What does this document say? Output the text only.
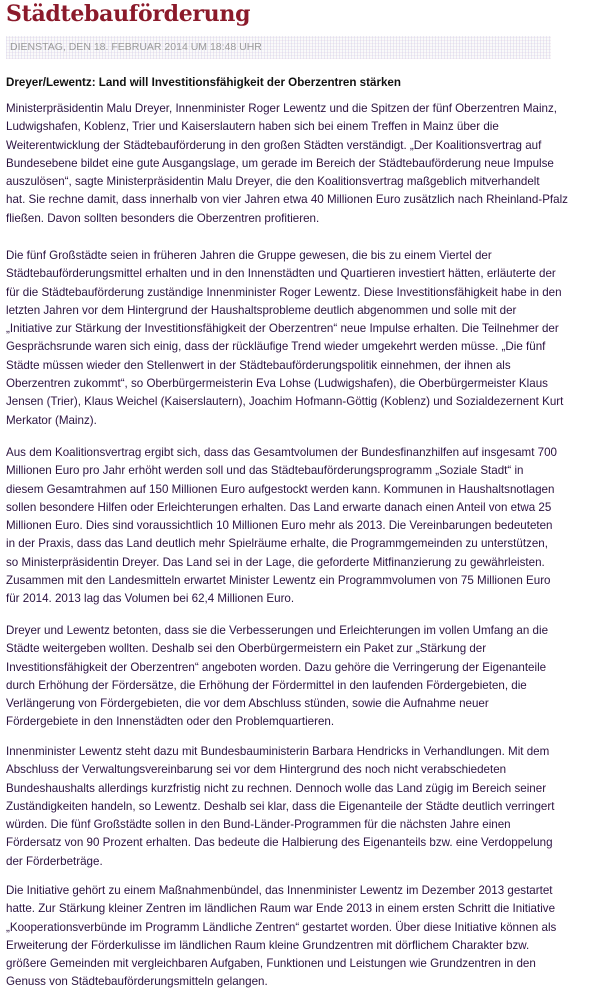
Städtebauförderung
DIENSTAG, DEN 18. FEBRUAR 2014 UM 18:48 UHR
Dreyer/Lewentz: Land will Investitionsfähigkeit der Oberzentren stärken
Ministerpräsidentin Malu Dreyer, Innenminister Roger Lewentz und die Spitzen der fünf Oberzentren Mainz,
Ludwigshafen, Koblenz, Trier und Kaiserslautern haben sich bei einem Treffen in Mainz über die
Weiterentwicklung der Städtebauförderung in den großen Städten verständigt. „Der Koalitionsvertrag auf
Bundesebene bildet eine gute Ausgangslage, um gerade im Bereich der Städtebauförderung neue Impulse
auszulösen“, sagte Ministerpräsidentin Malu Dreyer, die den Koalitionsvertrag maßgeblich mitverhandelt
hat. Sie rechne damit, dass innerhalb von vier Jahren etwa 40 Millionen Euro zusätzlich nach Rheinland-Pfalz
fließen. Davon sollten besonders die Oberzentren profitieren.
Die fünf Großstädte seien in früheren Jahren die Gruppe gewesen, die bis zu einem Viertel der
Städtebauförderungsmittel erhalten und in den Innenstädten und Quartieren investiert hätten, erläuterte der
für die Städtebauförderung zuständige Innenminister Roger Lewentz. Diese Investitionsfähigkeit habe in den
letzten Jahren vor dem Hintergrund der Haushaltsprobleme deutlich abgenommen und solle mit der
„Initiative zur Stärkung der Investitionsfähigkeit der Oberzentren“ neue Impulse erhalten. Die Teilnehmer der
Gesprächsrunde waren sich einig, dass der rückläufige Trend wieder umgekehrt werden müsse. „Die fünf
Städte müssen wieder den Stellenwert in der Städtebauförderungspolitik einnehmen, der ihnen als
Oberzentren zukommt“, so Oberbürgermeisterin Eva Lohse (Ludwigshafen), die Oberbürgermeister Klaus
Jensen (Trier), Klaus Weichel (Kaiserslautern), Joachim Hofmann-Göttig (Koblenz) und Sozialdezernent Kurt
Merkator (Mainz).
Aus dem Koalitionsvertrag ergibt sich, dass das Gesamtvolumen der Bundesfinanzhilfen auf insgesamt 700
Millionen Euro pro Jahr erhöht werden soll und das Städtebauförderungsprogramm „Soziale Stadt“ in
diesem Gesamtrahmen auf 150 Millionen Euro aufgestockt werden kann. Kommunen in Haushaltsnotlagen
sollen besondere Hilfen oder Erleichterungen erhalten. Das Land erwarte danach einen Anteil von etwa 25
Millionen Euro. Dies sind voraussichtlich 10 Millionen Euro mehr als 2013. Die Vereinbarungen bedeuteten
in der Praxis, dass das Land deutlich mehr Spielräume erhalte, die Programmgemeinden zu unterstützen,
so Ministerpräsidentin Dreyer. Das Land sei in der Lage, die geforderte Mitfinanzierung zu gewährleisten.
Zusammen mit den Landesmitteln erwartet Minister Lewentz ein Programmvolumen von 75 Millionen Euro
für 2014. 2013 lag das Volumen bei 62,4 Millionen Euro.
Dreyer und Lewentz betonten, dass sie die Verbesserungen und Erleichterungen im vollen Umfang an die
Städte weitergeben wollten. Deshalb sei den Oberbürgermeistern ein Paket zur „Stärkung der
Investitionsfähigkeit der Oberzentren“ angeboten worden. Dazu gehöre die Verringerung der Eigenanteile
durch Erhöhung der Fördersätze, die Erhöhung der Fördermittel in den laufenden Fördergebieten, die
Verlängerung von Fördergebieten, die vor dem Abschluss stünden, sowie die Aufnahme neuer
Fördergebiete in den Innenstädten oder den Problemquartieren.
Innenminister Lewentz steht dazu mit Bundesbauministerin Barbara Hendricks in Verhandlungen. Mit dem
Abschluss der Verwaltungsvereinbarung sei vor dem Hintergrund des noch nicht verabschiedeten
Bundeshaushalts allerdings kurzfristig nicht zu rechnen. Dennoch wolle das Land zügig im Bereich seiner
Zuständigkeiten handeln, so Lewentz. Deshalb sei klar, dass die Eigenanteile der Städte deutlich verringert
würden. Die fünf Großstädte sollen in den Bund-Länder-Programmen für die nächsten Jahre einen
Fördersatz von 90 Prozent erhalten. Das bedeute die Halbierung des Eigenanteils bzw. eine Verdoppelung
der Förderbeträge.
Die Initiative gehört zu einem Maßnahmenbündel, das Innenminister Lewentz im Dezember 2013 gestartet
hatte. Zur Stärkung kleiner Zentren im ländlichen Raum war Ende 2013 in einem ersten Schritt die Initiative
„Kooperationsverbünde im Programm Ländliche Zentren“ gestartet worden. Über diese Initiative können als
Erweiterung der Förderkulisse im ländlichen Raum kleine Grundzentren mit dörflichem Charakter bzw.
größere Gemeinden mit vergleichbaren Aufgaben, Funktionen und Leistungen wie Grundzentren in den
Genuss von Städtebauförderungsmitteln gelangen.
